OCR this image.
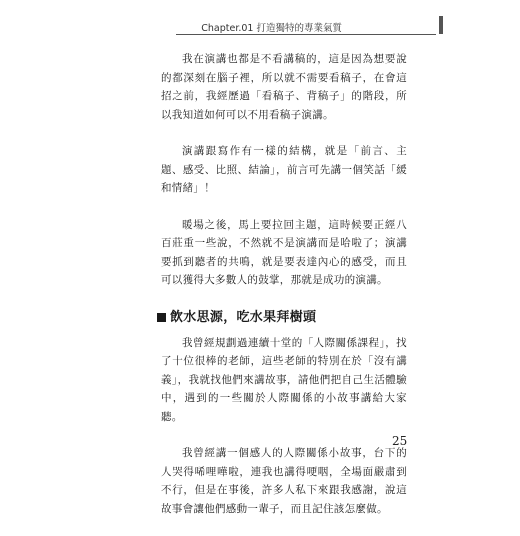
Chapter.01 打造獨特的專業氣質

我在演講也都是不看講稿的，這是因為想要說的都深刻在腦子裡，所以就不需要看稿子，在會這招之前，我經歷過「看稿子、背稿子」的階段，所以我知道如何可以不用看稿子演講。

演講跟寫作有一樣的結構，就是「前言、主題、感受、比照、結論」，前言可先講一個笑話「緩和情緒」！

暖場之後，馬上要拉回主題，這時候要正經八百莊重一些說，不然就不是演講而是哈啦了；演講要抓到聽者的共鳴，就是要表達內心的感受，而且可以獲得大多數人的鼓掌，那就是成功的演講。

飲水思源，吃水果拜樹頭

我曾經規劃過連續十堂的「人際關係課程」，找了十位很棒的老師，這些老師的特別在於「沒有講義」，我就找他們來講故事，請他們把自己生活體驗中，遇到的一些關於人際關係的小故事講給大家聽。

我曾經講一個感人的人際關係小故事，台下的人哭得唏哩嘩啦，連我也講得哽咽，全場面嚴肅到不行，但是在事後，許多人私下來跟我感謝，說這故事會讓他們感動一輩子，而且記住該怎麼做。

25
